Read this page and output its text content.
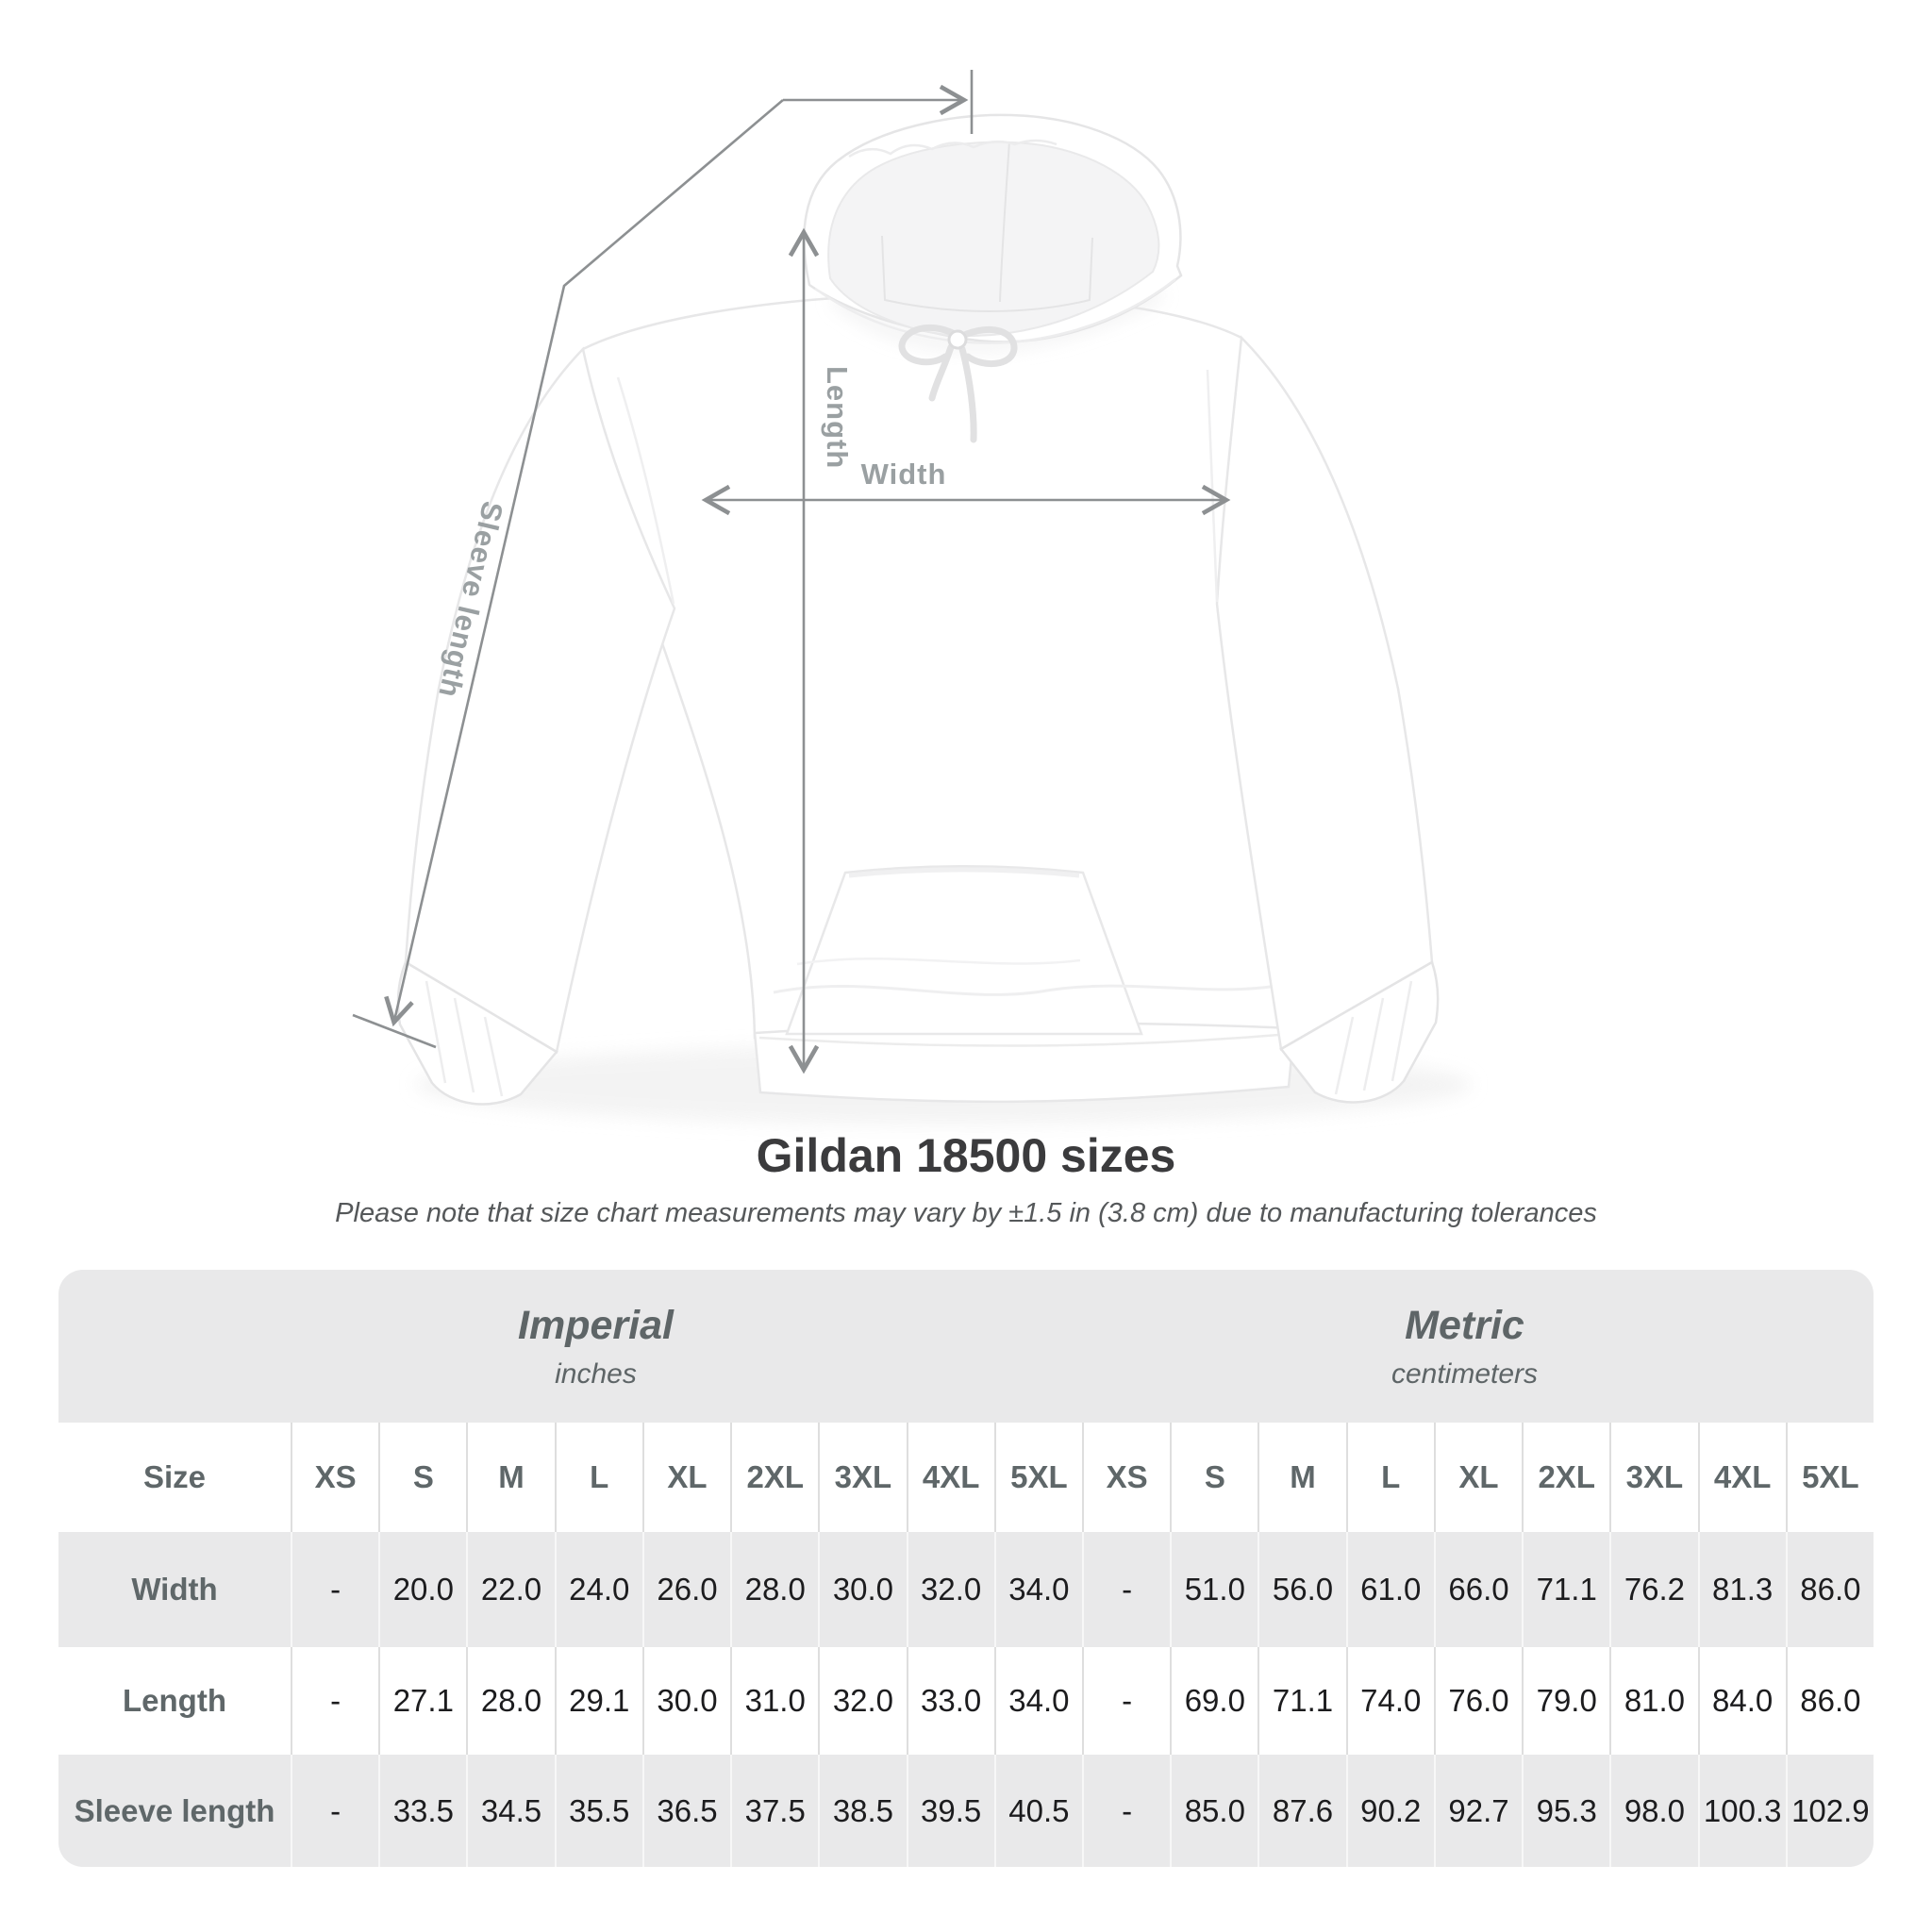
Length
Width
Sleeve length
Gildan 18500 sizes

Please note that size chart measurements may vary by ±1.5 in (3.8 cm) due to manufacturing tolerances

Imperial
inches
Metric
centimeters
Size	XS	S	M	L	XL	2XL 3XL 4XL 5XL	XS	S	M	L	XL	2XL 3XL 4XL 5XL
Width	-	20.0 22.0 24.0 26.0 28.0 30.0 32.0 34.0	-	51.0 56.0 61.0 66.0 71.1 76.2 81.3 86.0
Length	-	27.1 28.0 29.1 30.0 31.0 32.0 33.0 34.0	-	69.0 71.1 74.0 76.0 79.0 81.0 84.0 86.0
Sleeve length	-	33.5 34.5 35.5 36.5 37.5 38.5 39.5 40.5	-	85.0 87.6 90.2 92.7 95.3 98.0 100.3 102.9
